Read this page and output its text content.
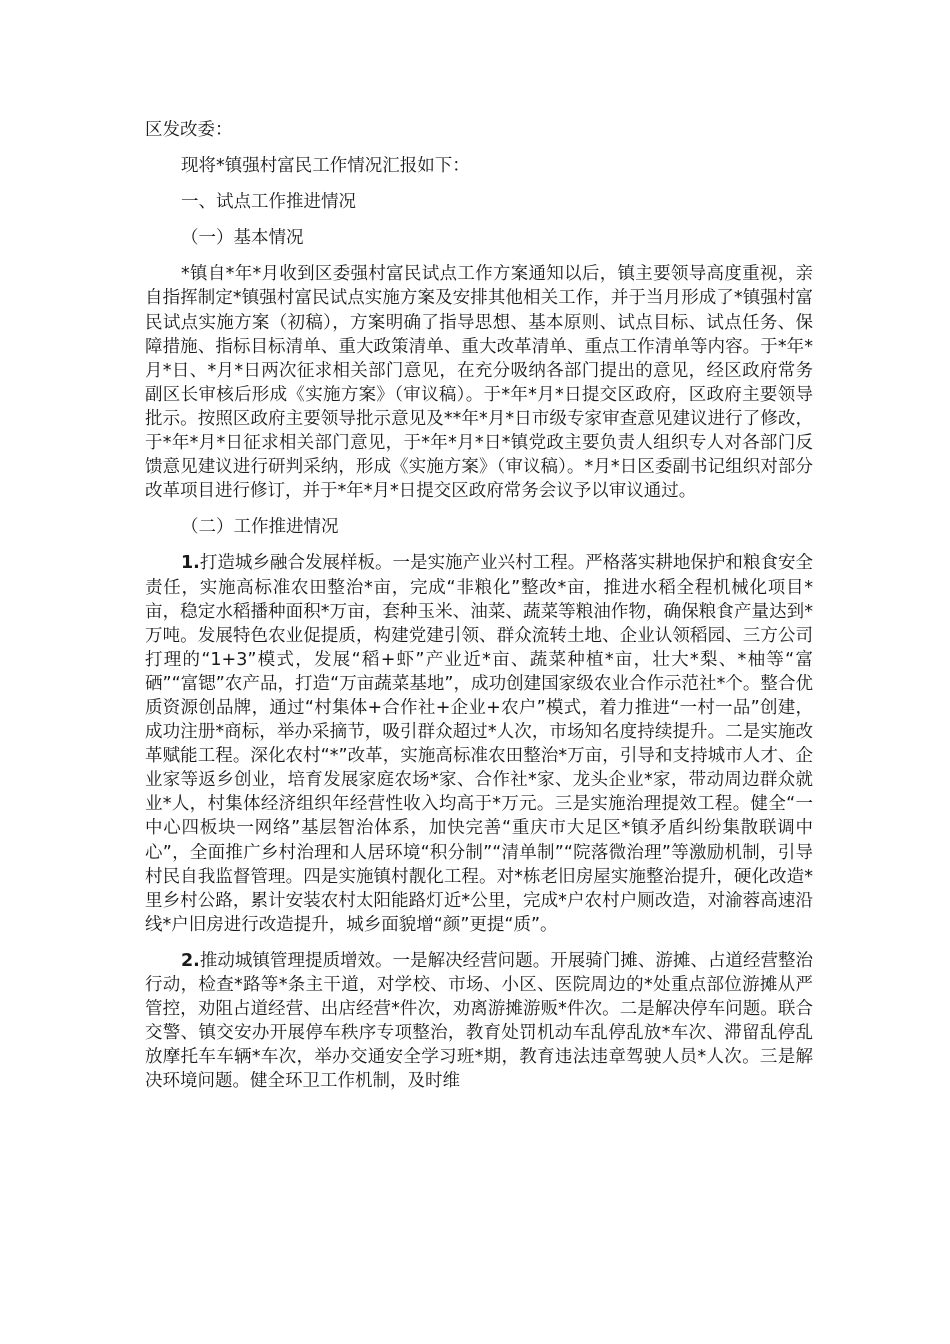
区发改委：

现将*镇强村富民工作情况汇报如下：

一、试点工作推进情况

（一）基本情况

*镇自*年*月收到区委强村富民试点工作方案通知以后，镇主要领导高度重视，亲自指挥制定*镇强村富民试点实施方案及安排其他相关工作，并于当月形成了*镇强村富民试点实施方案（初稿），方案明确了指导思想、基本原则、试点目标、试点任务、保障措施、指标目标清单、重大政策清单、重大改革清单、重点工作清单等内容。于*年*月*日、*月*日两次征求相关部门意见，在充分吸纳各部门提出的意见，经区政府常务副区长审核后形成《实施方案》（审议稿）。于*年*月*日提交区政府，区政府主要领导批示。按照区政府主要领导批示意见及**年*月*日市级专家审查意见建议进行了修改，于*年*月*日征求相关部门意见，于*年*月*日*镇党政主要负责人组织专人对各部门反馈意见建议进行研判采纳，形成《实施方案》（审议稿）。*月*日区委副书记组织对部分改革项目进行修订，并于*年*月*日提交区政府常务会议予以审议通过。

（二）工作推进情况

1.打造城乡融合发展样板。一是实施产业兴村工程。严格落实耕地保护和粮食安全责任，实施高标准农田整治*亩，完成“非粮化”整改*亩，推进水稻全程机械化项目*亩，稳定水稻播种面积*万亩，套种玉米、油菜、蔬菜等粮油作物，确保粮食产量达到*万吨。发展特色农业促提质，构建党建引领、群众流转土地、企业认领稻园、三方公司打理的“1+3”模式，发展“稻+虾”产业近*亩、蔬菜种植*亩，壮大*梨、*柚等“富硒”“富锶”农产品，打造“万亩蔬菜基地”，成功创建国家级农业合作示范社*个。整合优质资源创品牌，通过“村集体+合作社+企业+农户”模式，着力推进“一村一品”创建，成功注册*商标，举办采摘节，吸引群众超过*人次，市场知名度持续提升。二是实施改革赋能工程。深化农村“*”改革，实施高标准农田整治*万亩，引导和支持城市人才、企业家等返乡创业，培育发展家庭农场*家、合作社*家、龙头企业*家，带动周边群众就业*人，村集体经济组织年经营性收入均高于*万元。三是实施治理提效工程。健全“一中心四板块一网络”基层智治体系，加快完善“重庆市大足区*镇矛盾纠纷集散联调中心”，全面推广乡村治理和人居环境“积分制”“清单制”“院落微治理”等激励机制，引导村民自我监督管理。四是实施镇村靓化工程。对*栋老旧房屋实施整治提升，硬化改造*里乡村公路，累计安装农村太阳能路灯近*公里，完成*户农村户厕改造，对渝蓉高速沿线*户旧房进行改造提升，城乡面貌增“颜”更提“质”。

2.推动城镇管理提质增效。一是解决经营问题。开展骑门摊、游摊、占道经营整治行动，检查*路等*条主干道，对学校、市场、小区、医院周边的*处重点部位游摊从严管控，劝阻占道经营、出店经营*件次，劝离游摊游贩*件次。二是解决停车问题。联合交警、镇交安办开展停车秩序专项整治，教育处罚机动车乱停乱放*车次、滞留乱停乱放摩托车车辆*车次，举办交通安全学习班*期，教育违法违章驾驶人员*人次。三是解决环境问题。健全环卫工作机制，及时维
